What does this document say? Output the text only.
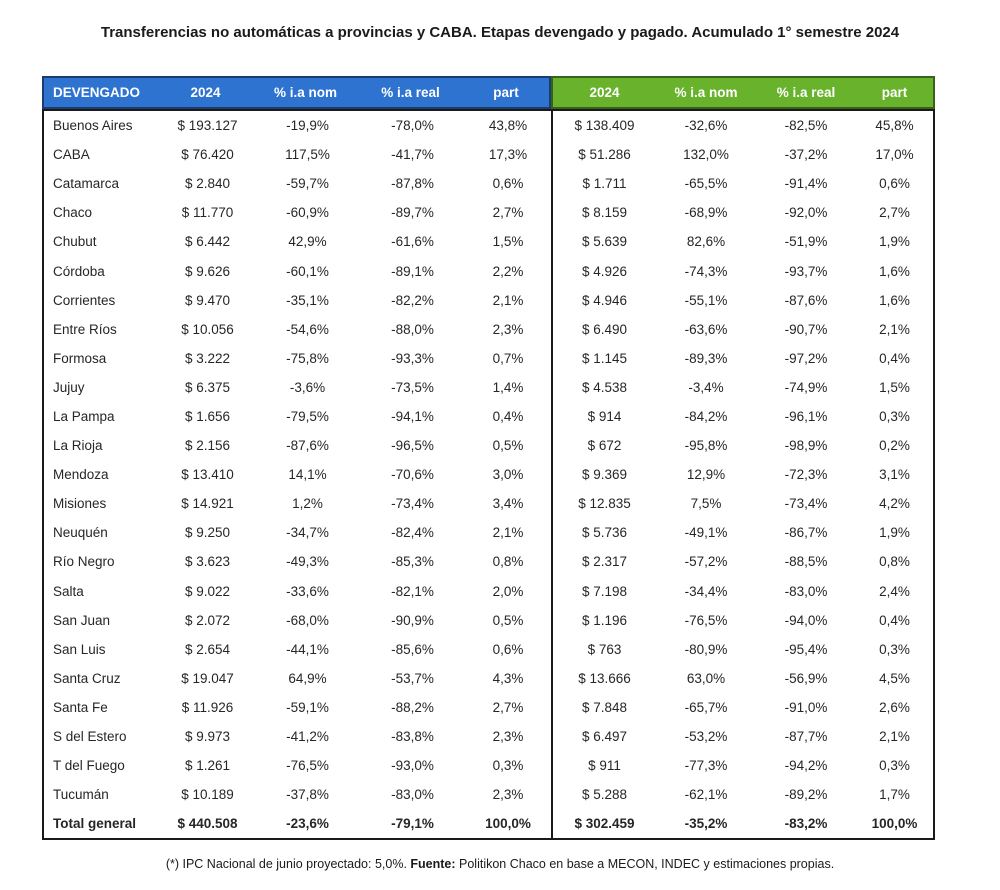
Transferencias no automáticas a provincias y CABA. Etapas devengado y pagado. Acumulado 1° semestre 2024
DEVENGADO	2024	% i.a nom	% i.a real	part	2024	% i.a nom	% i.a real	part
Buenos Aires	$ 193.127	-19,9%	-78,0%	43,8%	$ 138.409	-32,6%	-82,5%	45,8%
CABA	$ 76.420	117,5%	-41,7%	17,3%	$ 51.286	132,0%	-37,2%	17,0%
Catamarca	$ 2.840	-59,7%	-87,8%	0,6%	$ 1.711	-65,5%	-91,4%	0,6%
Chaco	$ 11.770	-60,9%	-89,7%	2,7%	$ 8.159	-68,9%	-92,0%	2,7%
Chubut	$ 6.442	42,9%	-61,6%	1,5%	$ 5.639	82,6%	-51,9%	1,9%
Córdoba	$ 9.626	-60,1%	-89,1%	2,2%	$ 4.926	-74,3%	-93,7%	1,6%
Corrientes	$ 9.470	-35,1%	-82,2%	2,1%	$ 4.946	-55,1%	-87,6%	1,6%
Entre Ríos	$ 10.056	-54,6%	-88,0%	2,3%	$ 6.490	-63,6%	-90,7%	2,1%
Formosa	$ 3.222	-75,8%	-93,3%	0,7%	$ 1.145	-89,3%	-97,2%	0,4%
Jujuy	$ 6.375	-3,6%	-73,5%	1,4%	$ 4.538	-3,4%	-74,9%	1,5%
La Pampa	$ 1.656	-79,5%	-94,1%	0,4%	$ 914	-84,2%	-96,1%	0,3%
La Rioja	$ 2.156	-87,6%	-96,5%	0,5%	$ 672	-95,8%	-98,9%	0,2%
Mendoza	$ 13.410	14,1%	-70,6%	3,0%	$ 9.369	12,9%	-72,3%	3,1%
Misiones	$ 14.921	1,2%	-73,4%	3,4%	$ 12.835	7,5%	-73,4%	4,2%
Neuquén	$ 9.250	-34,7%	-82,4%	2,1%	$ 5.736	-49,1%	-86,7%	1,9%
Río Negro	$ 3.623	-49,3%	-85,3%	0,8%	$ 2.317	-57,2%	-88,5%	0,8%
Salta	$ 9.022	-33,6%	-82,1%	2,0%	$ 7.198	-34,4%	-83,0%	2,4%
San Juan	$ 2.072	-68,0%	-90,9%	0,5%	$ 1.196	-76,5%	-94,0%	0,4%
San Luis	$ 2.654	-44,1%	-85,6%	0,6%	$ 763	-80,9%	-95,4%	0,3%
Santa Cruz	$ 19.047	64,9%	-53,7%	4,3%	$ 13.666	63,0%	-56,9%	4,5%
Santa Fe	$ 11.926	-59,1%	-88,2%	2,7%	$ 7.848	-65,7%	-91,0%	2,6%
S del Estero	$ 9.973	-41,2%	-83,8%	2,3%	$ 6.497	-53,2%	-87,7%	2,1%
T del Fuego	$ 1.261	-76,5%	-93,0%	0,3%	$ 911	-77,3%	-94,2%	0,3%
Tucumán	$ 10.189	-37,8%	-83,0%	2,3%	$ 5.288	-62,1%	-89,2%	1,7%
Total general	$ 440.508	-23,6%	-79,1%	100,0%	$ 302.459	-35,2%	-83,2%	100,0%
(*) IPC Nacional de junio proyectado: 5,0%. Fuente: Politikon Chaco en base a MECON, INDEC y estimaciones propias.
